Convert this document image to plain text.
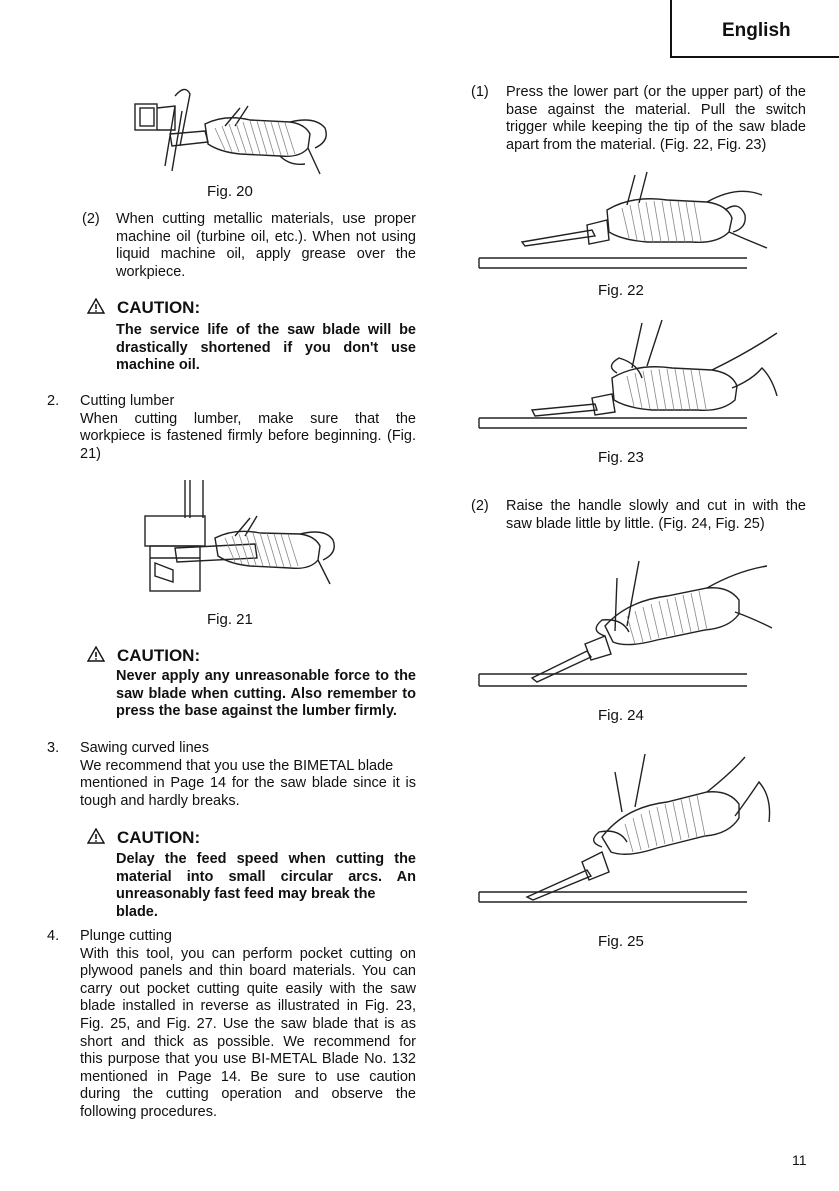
English
Fig. 20
(2) When cutting metallic materials, use proper
machine oil (turbine oil, etc.). When not using
liquid machine oil, apply grease over the
workpiece.
CAUTION:
The service life of the saw blade will be
drastically shortened if you don't use
machine oil.
2. Cutting lumber
When cutting lumber, make sure that the
workpiece is fastened firmly before beginning. (Fig.
21)
Fig. 21
CAUTION:
Never apply any unreasonable force to the
saw blade when cutting. Also remember to
press the base against the lumber firmly.
3. Sawing curved lines
We recommend that you use the BIMETAL blade
mentioned in Page 14 for the saw blade since it is
tough and hardly breaks.
CAUTION:
Delay the feed speed when cutting the
material into small circular arcs. An
unreasonably fast feed may break the blade.
4. Plunge cutting
With this tool, you can perform pocket cutting on
plywood panels and thin board materials. You can
carry out pocket cutting quite easily with the saw
blade installed in reverse as illustrated in Fig. 23,
Fig. 25, and Fig. 27. Use the saw blade that is as
short and thick as possible. We recommend for
this purpose that you use BI-METAL Blade No. 132
mentioned in Page 14. Be sure to use caution
during the cutting operation and observe the
following procedures.
(1) Press the lower part (or the upper part) of the
base against the material. Pull the switch
trigger while keeping the tip of the saw blade
apart from the material. (Fig. 22, Fig. 23)
Fig. 22
Fig. 23
(2) Raise the handle slowly and cut in with the
saw blade little by little. (Fig. 24, Fig. 25)
Fig. 24
Fig. 25
11
